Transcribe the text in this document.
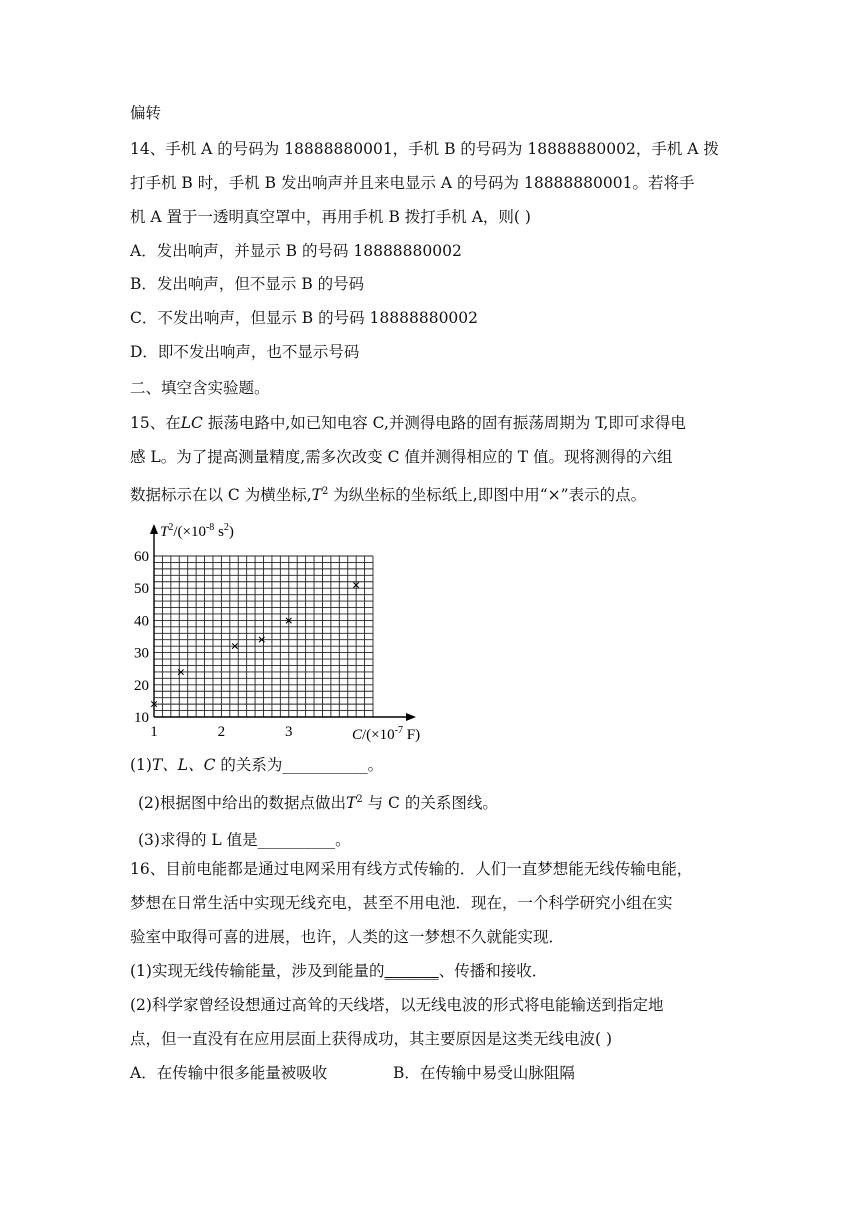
偏转
14、手机 A 的号码为 18888880001，手机 B 的号码为 18888880002，手机 A 拨
打手机 B 时，手机 B 发出响声并且来电显示 A 的号码为 18888880001。若将手
机 A 置于一透明真空罩中，再用手机 B 拨打手机 A，则( )
A．发出响声，并显示 B 的号码 18888880002
B．发出响声，但不显示 B 的号码
C．不发出响声，但显示 B 的号码 18888880002
D．即不发出响声，也不显示号码
二、填空含实验题。
15、在LC 振荡电路中,如已知电容 C,并测得电路的固有振荡周期为 T,即可求得电
感 L。为了提高测量精度,需多次改变 C 值并测得相应的 T 值。现将测得的六组
数据标示在以 C 为横坐标$,T^2$ 为纵坐标的坐标纸上,即图中用“×”表示的点。
10
20
30
40
50
60
1	2	3
×
×
× ×
×
×
$T^2/(\times 10^{-8}$ $s^2$)
$C/(\times 10^{-7}$ F)
(1)T、L、C 的关系为___________。
(2)根据图中给出的数据点做出$T^2$ 与 C 的关系图线。
(3)求得的 L 值是__________。
16、目前电能都是通过电网采用有线方式传输的．人们一直梦想能无线传输电能，
梦想在日常生活中实现无线充电，甚至不用电池．现在，一个科学研究小组在实
验室中取得可喜的进展，也许，人类的这一梦想不久就能实现．
(1)实现无线传输能量，涉及到能量的_______、传播和接收．
(2)科学家曾经设想通过高耸的天线塔，以无线电波的形式将电能输送到指定地
点，但一直没有在应用层面上获得成功，其主要原因是这类无线电波( )
A．在传输中很多能量被吸收	B．在传输中易受山脉阻隔
